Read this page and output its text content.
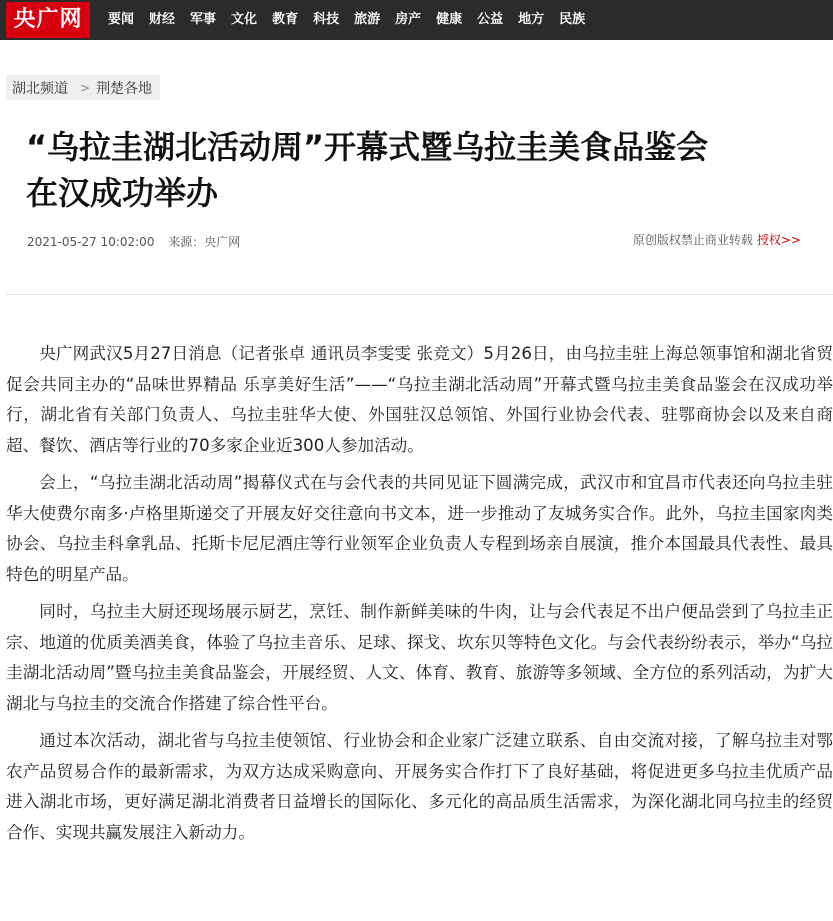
央广网	要闻 财经 军事 文化 教育 科技 旅游 房产 健康 公益 地方 民族
湖北频道 > 荆楚各地
“乌拉圭湖北活动周”开幕式暨乌拉圭美食品鉴会
在汉成功举办
2021-05-27 10:02:00 来源：央广网	原创版权禁止商业转载 授权>>

央广网武汉5月27日消息（记者张卓 通讯员李雯雯 张竞文）5月26日，由乌拉圭驻上海总领事馆和湖北省贸促会共同主办的“品味世界精品 乐享美好生活”——“乌拉圭湖北活动周”开幕式暨乌拉圭美食品鉴会在汉成功举行，湖北省有关部门负责人、乌拉圭驻华大使、外国驻汉总领馆、外国行业协会代表、驻鄂商协会以及来自商超、餐饮、酒店等行业的70多家企业近300人参加活动。

会上，“乌拉圭湖北活动周”揭幕仪式在与会代表的共同见证下圆满完成，武汉市和宜昌市代表还向乌拉圭驻华大使费尔南多·卢格里斯递交了开展友好交往意向书文本，进一步推动了友城务实合作。此外，乌拉圭国家肉类协会、乌拉圭科拿乳品、托斯卡尼尼酒庄等行业领军企业负责人专程到场亲自展演，推介本国最具代表性、最具特色的明星产品。

同时，乌拉圭大厨还现场展示厨艺，烹饪、制作新鲜美味的牛肉，让与会代表足不出户便品尝到了乌拉圭正宗、地道的优质美酒美食，体验了乌拉圭音乐、足球、探戈、坎东贝等特色文化。与会代表纷纷表示，举办“乌拉圭湖北活动周”暨乌拉圭美食品鉴会，开展经贸、人文、体育、教育、旅游等多领域、全方位的系列活动，为扩大湖北与乌拉圭的交流合作搭建了综合性平台。

通过本次活动，湖北省与乌拉圭使领馆、行业协会和企业家广泛建立联系、自由交流对接，了解乌拉圭对鄂农产品贸易合作的最新需求，为双方达成采购意向、开展务实合作打下了良好基础，将促进更多乌拉圭优质产品进入湖北市场，更好满足湖北消费者日益增长的国际化、多元化的高品质生活需求，为深化湖北同乌拉圭的经贸合作、实现共赢发展注入新动力。
